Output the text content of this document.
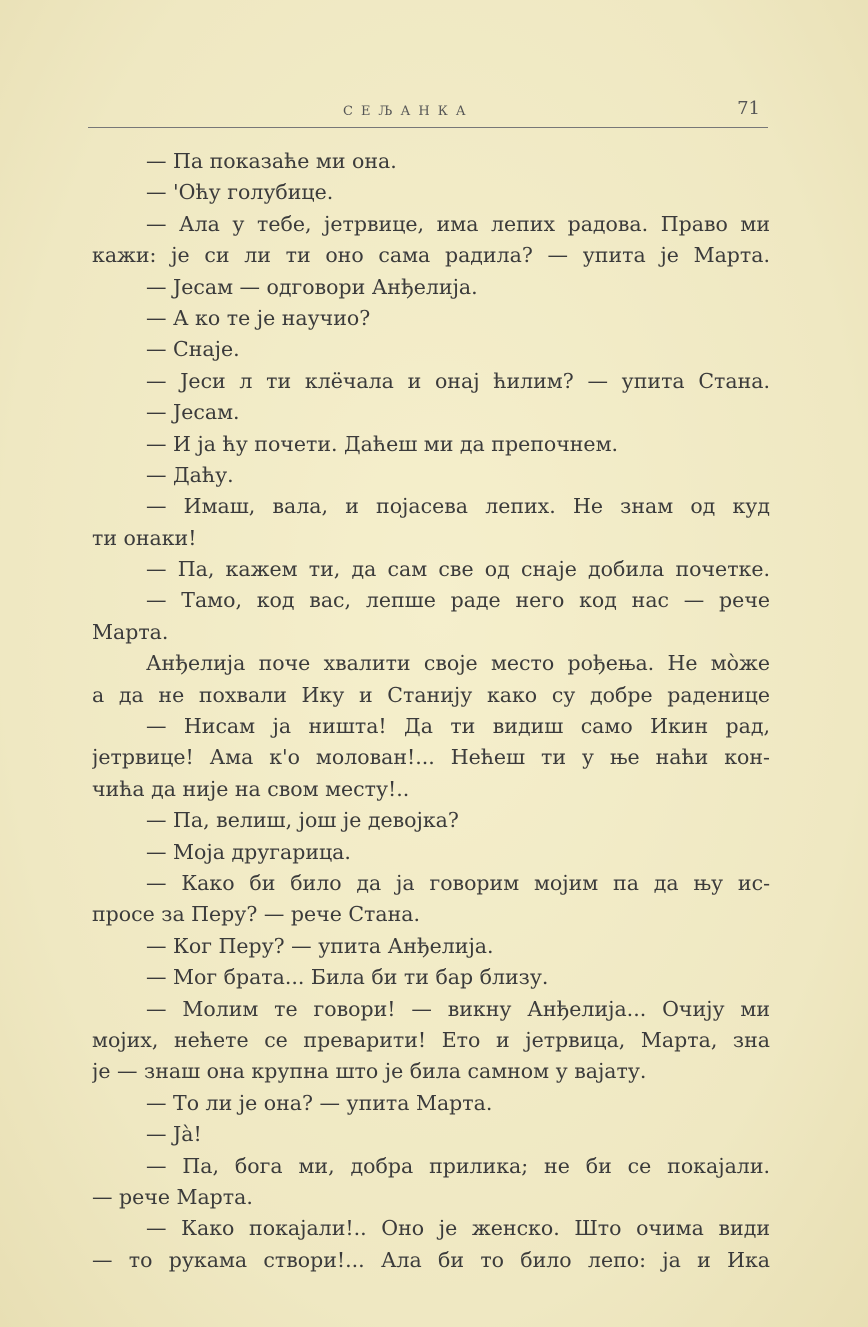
СЕЉАНКА	71
— Па показаће ми она.
— 'Оћу голубице.
— Ала у тебе, јетрвице, има лепих радова. Право ми
кажи: је си ли ти оно сама радила? — упита је Марта.
— Јесам — одговори Анђелија.
— А ко те је научио?
— Снаје.
— Јеси л ти клёчала и онај ћилим? — упита Стана.
— Јесам.
— И ја ћу почети. Даћеш ми да препочнем.
— Даћу.
— Имаш, вала, и појасева лепих. Не знам од куд
ти онаки!
— Па, кажем ти, да сам све од снаје добила почетке.
— Тамо, код вас, лепше раде него код нас — рече
Марта.
Анђелија поче хвалити своје место рођења. Не мòже
а да не похвали Ику и Станију како су добре раденице
— Нисам ја ништа! Да ти видиш само Икин рад,
јетрвице! Ама к'о молован!... Нећеш ти у ње наћи кон-
чића да није на свом месту!..
— Па, велиш, још је девојка?
— Моја другарица.
— Како би било да ја говорим мојим па да њу ис-
просе за Перу? — рече Стана.
— Ког Перу? — упита Анђелија.
— Мог брата... Била би ти бар близу.
— Молим те говори! — викну Анђелија... Очију ми
мојих, нећете се преварити! Ето и јетрвица, Марта, зна
је — знаш она крупна што је била самном у вајату.
— То ли је она? — упита Марта.
— Јà!
— Па, бога ми, добра прилика; не би се покајали.
— рече Марта.
— Како покајали!.. Оно је женско. Што очима види
— то рукама створи!... Ала би то било лепо: ја и Ика
